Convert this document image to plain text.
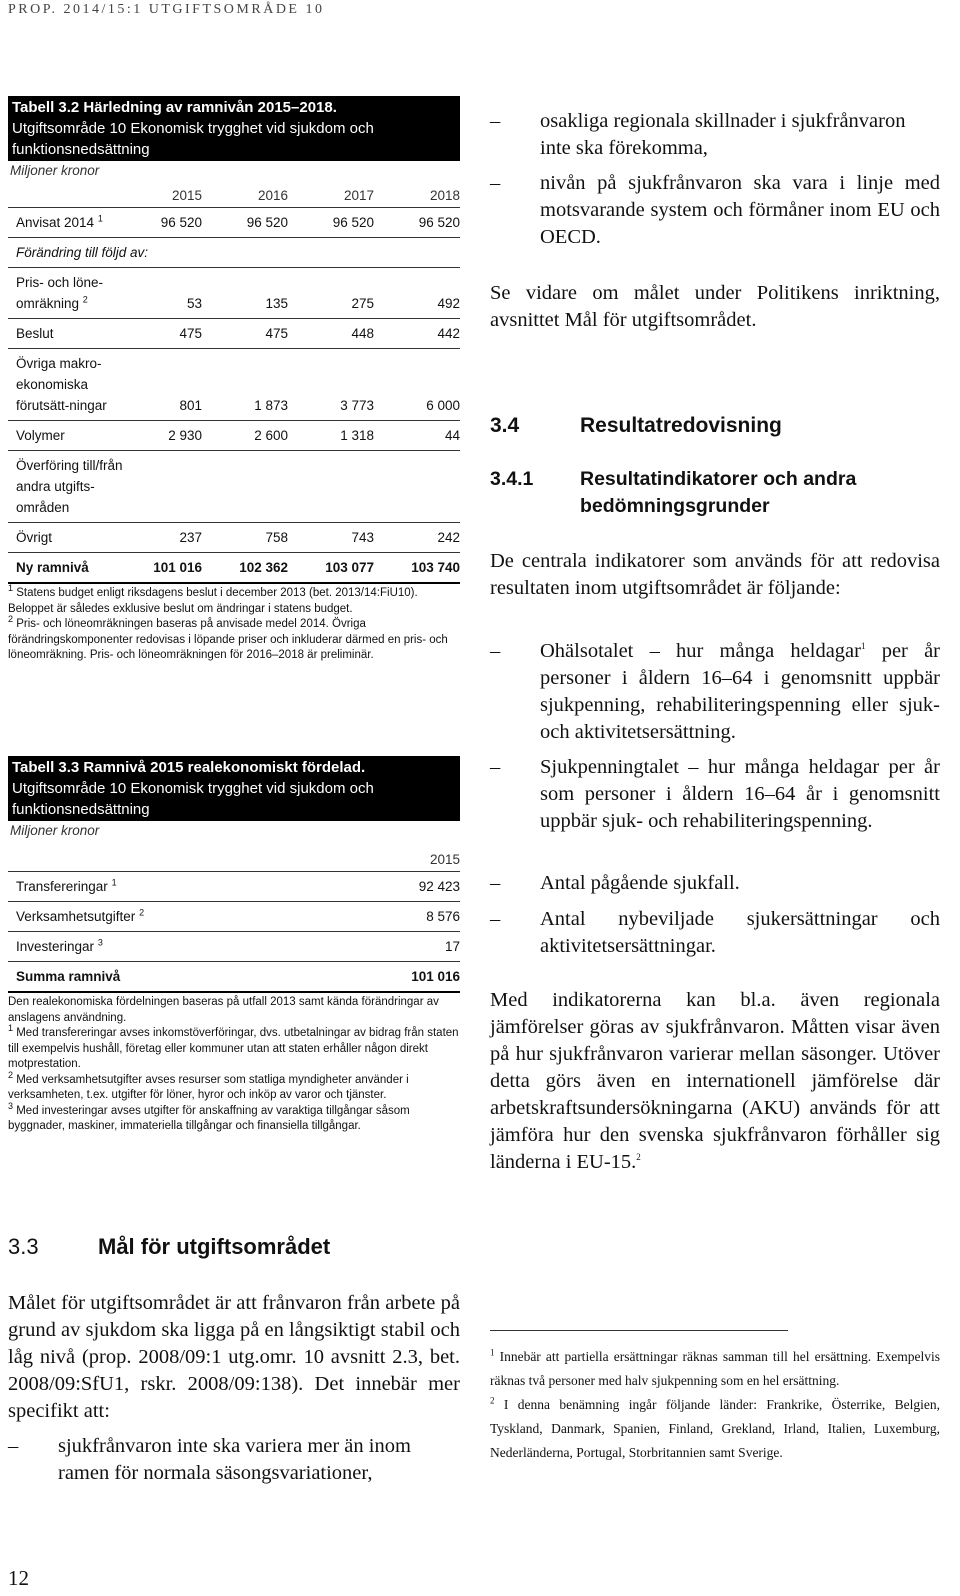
PROP. 2014/15:1 UTGIFTSOMRÅDE 10
Tabell 3.2 Härledning av ramnivån 2015–2018.
Utgiftsområde 10 Ekonomisk trygghet vid sjukdom och funktionsnedsättning
Miljoner kronor
2015	2016	2017	2018
Anvisat 2014 $^1$	96 520	96 520	96 520	96 520
Förändring till följd av:
Pris- och löne-omräkning $^2$	53	135	275	492
Beslut	475	475	448	442
Övriga makro-ekonomiska förutsätt-ningar	801	1 873	3 773	6 000
Volymer	2 930	2 600	1 318	44
Överföring till/från andra utgifts-områden
Övrigt	237	758	743	242
Ny ramnivå	101 016	102 362	103 077	103 740
$^1$ Statens budget enligt riksdagens beslut i december 2013 (bet. 2013/14:FiU10). Beloppet är således exklusive beslut om ändringar i statens budget.
$^2$ Pris- och löneomräkningen baseras på anvisade medel 2014. Övriga förändringskomponenter redovisas i löpande priser och inkluderar därmed en pris- och löneomräkning. Pris- och löneomräkningen för 2016–2018 är preliminär.
Tabell 3.3 Ramnivå 2015 realekonomiskt fördelad.
Utgiftsområde 10 Ekonomisk trygghet vid sjukdom och funktionsnedsättning
Miljoner kronor
2015
Transfereringar $^1$	92 423
Verksamhetsutgifter $^2$	8 576
Investeringar $^3$	17
Summa ramnivå	101 016
Den realekonomiska fördelningen baseras på utfall 2013 samt kända förändringar av anslagens användning.
$^1$ Med transfereringar avses inkomstöverföringar, dvs. utbetalningar av bidrag från staten till exempelvis hushåll, företag eller kommuner utan att staten erhåller någon direkt motprestation.
$^2$ Med verksamhetsutgifter avses resurser som statliga myndigheter använder i verksamheten, t.ex. utgifter för löner, hyror och inköp av varor och tjänster.
$^3$ Med investeringar avses utgifter för anskaffning av varaktiga tillgångar såsom byggnader, maskiner, immateriella tillgångar och finansiella tillgångar.
3.3	Mål för utgiftsområdet
Målet för utgiftsområdet är att frånvaron från arbete på grund av sjukdom ska ligga på en långsiktigt stabil och låg nivå (prop. 2008/09:1 utg.omr. 10 avsnitt 2.3, bet. 2008/09:SfU1, rskr. 2008/09:138). Det innebär mer specifikt att:
–	sjukfrånvaron inte ska variera mer än inom ramen för normala säsongsvariationer,
–	osakliga regionala skillnader i sjukfrånvaron inte ska förekomma,
–	nivån på sjukfrånvaron ska vara i linje med motsvarande system och förmåner inom EU och OECD.
Se vidare om målet under Politikens inriktning, avsnittet Mål för utgiftsområdet.
3.4	Resultatredovisning
3.4.1	Resultatindikatorer och andra bedömningsgrunder
De centrala indikatorer som används för att redovisa resultaten inom utgiftsområdet är följande:
–	Ohälsotalet – hur många heldagar$^1$ per år personer i åldern 16–64 i genomsnitt uppbär sjukpenning, rehabiliteringspenning eller sjuk- och aktivitetsersättning.
–	Sjukpenningtalet – hur många heldagar per år som personer i åldern 16–64 år i genomsnitt uppbär sjuk- och rehabiliteringspenning.
–	Antal pågående sjukfall.
–	Antal nybeviljade sjukersättningar och aktivitetsersättningar.
Med indikatorerna kan bl.a. även regionala jämförelser göras av sjukfrånvaron. Måtten visar även på hur sjukfrånvaron varierar mellan säsonger. Utöver detta görs även en internationell jämförelse där arbetskraftsundersökningarna (AKU) används för att jämföra hur den svenska sjukfrånvaron förhåller sig länderna i EU-15.$^2$
$^1$ Innebär att partiella ersättningar räknas samman till hel ersättning. Exempelvis räknas två personer med halv sjukpenning som en hel ersättning.
$^2$ I denna benämning ingår följande länder: Frankrike, Österrike, Belgien, Tyskland, Danmark, Spanien, Finland, Grekland, Irland, Italien, Luxemburg, Nederländerna, Portugal, Storbritannien samt Sverige.
12
